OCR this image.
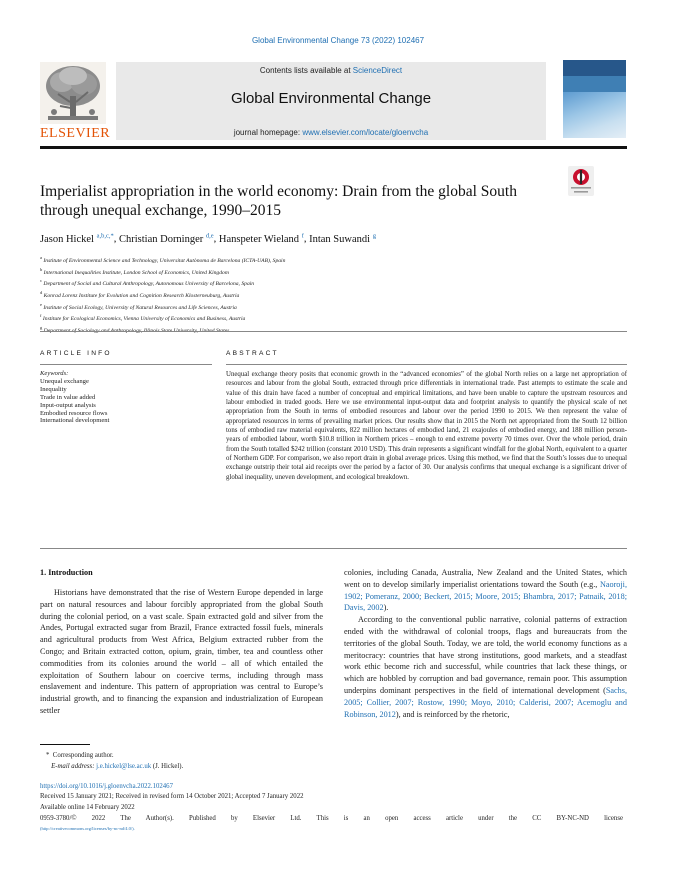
Global Environmental Change 73 (2022) 102467
ELSEVIER
Contents lists available at ScienceDirect
Global Environmental Change
journal homepage: www.elsevier.com/locate/gloenvcha
Imperialist appropriation in the world economy: Drain from the global South through unequal exchange, 1990–2015
Jason Hickel $^{a,b,c,*}$, Christian Dorninger $^{d,e}$, Hanspeter Wieland $^f$, Intan Suwandi $^g$
$^a$ Institute of Environmental Science and Technology, Universitat Autònoma de Barcelona (ICTA-UAB), Spain
$^b$ International Inequalities Institute, London School of Economics, United Kingdom
$^c$ Department of Social and Cultural Anthropology, Autonomous University of Barcelona, Spain
$^d$ Konrad Lorenz Institute for Evolution and Cognition Research Klosterneuburg, Austria
$^e$ Institute of Social Ecology, University of Natural Resources and Life Sciences, Austria
$^f$ Institute for Ecological Economics, Vienna University of Economics and Business, Austria
$^g$
ARTICLE INFO	ABSTRACT
Keywords:
Unequal exchange
Inequality
Trade in value added
Input-output analysis
Embodied resource flows
International development
Unequal exchange theory posits that economic growth in the “advanced economies” of the global North relies on a large net appropriation of resources and labour from the global South, extracted through price differentials in international trade. Past attempts to estimate the scale and value of this drain have faced a number of conceptual and empirical limitations, and have been unable to capture the upstream resources and labour embodied in traded goods. Here we use environmental input-output data and footprint analysis to quantify the physical scale of net appropriation from the South in terms of embodied resources and labour over the period 1990 to 2015. We then represent the value of appropriated resources in terms of prevailing market prices. Our results show that in 2015 the North net appropriated from the South 12 billion tons of embodied raw material equivalents, 822 million hectares of embodied land, 21 exajoules of embodied energy, and 188 million person-years of embodied labour, worth $10.8 trillion in Northern prices – enough to end extreme poverty 70 times over. Over the whole period, drain from the South totalled $242 trillion (constant 2010 USD). This drain represents a significant windfall for the global North, equivalent to a quarter of Northern GDP. For comparison, we also report drain in global average prices. Using this method, we find that the South’s losses due to unequal exchange outstrip their total aid receipts over the period by a factor of 30. Our analysis confirms that unequal exchange is a significant driver of global inequality, uneven development, and ecological breakdown.
1. Introduction

Historians have demonstrated that the rise of Western Europe depended in large part on natural resources and labour forcibly appropriated from the global South during the colonial period, on a vast scale. Spain extracted gold and silver from the Andes, Portugal extracted sugar from Brazil, France extracted fossil fuels, minerals and agricultural products from West Africa, Belgium extracted rubber from the Congo; and Britain extracted cotton, opium, grain, timber, tea and countless other commodities from its colonies around the world – all of which entailed the exploitation of Southern labour on coercive terms, including through mass enslavement and indenture. This pattern of appropriation was central to Europe’s industrial growth, and to financing the expansion and industrialization of European settler

colonies, including Canada, Australia, New Zealand and the United States, which went on to develop similarly imperialist orientations toward the South (e.g., Naoroji, 1902; Pomeranz, 2000; Beckert, 2015; Moore, 2015; Bhambra, 2017; Patnaik, 2018; Davis, 2002).

According to the conventional public narrative, colonial patterns of extraction ended with the withdrawal of colonial troops, flags and bureaucrats from the territories of the global South. Today, we are told, the world economy functions as a meritocracy: countries that have strong institutions, good markets, and a steadfast work ethic become rich and successful, while countries that lack these things, or which are hobbled by corruption and bad governance, remain poor. This assumption underpins dominant perspectives in the field of international development (Sachs, 2005; Collier, 2007; Rostow, 1990; Moyo, 2010; Calderisi, 2007; Acemoglu and Robinson, 2012), and is reinforced by the rhetoric,

*  Corresponding author.
E-mail address: j.e.hickel@lse.ac.uk (J. Hickel).
https://doi.org/10.1016/j.gloenvcha.2022.102467
Received 15 January 2021; Received in revised form 14 October 2021; Accepted 7 January 2022
Available online 14 February 2022
0959-3780/© 2022 The Author(s). Published by Elsevier Ltd. This is an open access article under the CC BY-NC-ND license
(http://creativecommons.org/licenses/by-nc-nd/4.0/).
